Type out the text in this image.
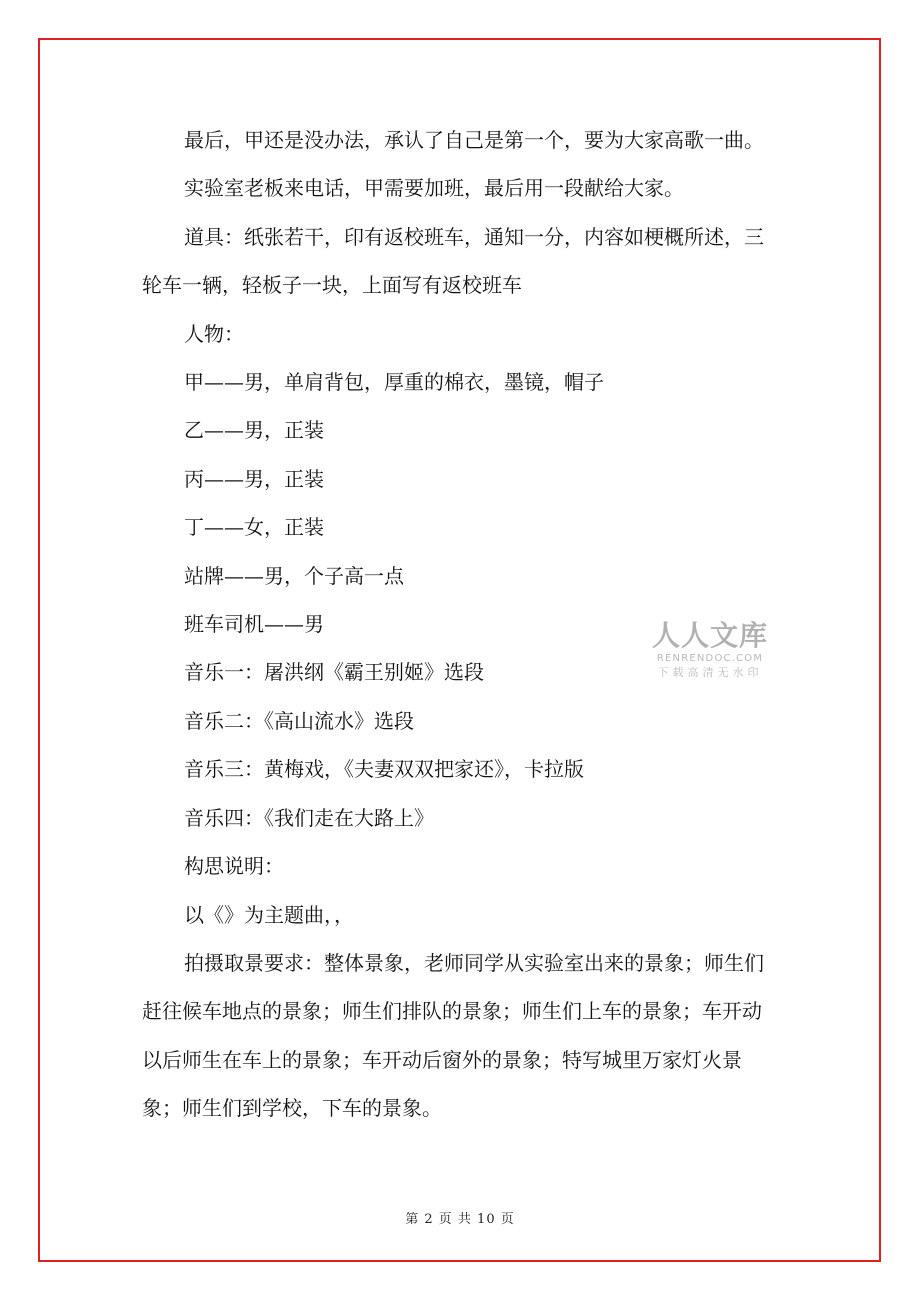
最后，甲还是没办法，承认了自己是第一个，要为大家高歌一曲。

实验室老板来电话，甲需要加班，最后用一段献给大家。

道具：纸张若干，印有返校班车，通知一分，内容如梗概所述，三轮车一辆，轻板子一块，上面写有返校班车

人物：

甲——男，单肩背包，厚重的棉衣，墨镜，帽子

乙——男，正装

丙——男，正装

丁——女，正装

站牌——男，个子高一点

班车司机——男

音乐一：屠洪纲《霸王别姬》选段

音乐二：《高山流水》选段

音乐三：黄梅戏，《夫妻双双把家还》，卡拉版

音乐四：《我们走在大路上》

构思说明：

以《》为主题曲，，

拍摄取景要求：整体景象，老师同学从实验室出来的景象；师生们赶往候车地点的景象；师生们排队的景象；师生们上车的景象；车开动以后师生在车上的景象；车开动后窗外的景象；特写城里万家灯火景象；师生们到学校，下车的景象。

人人文库
RENRENDOC.COM
下载高清无水印
第 2 页 共 10 页
